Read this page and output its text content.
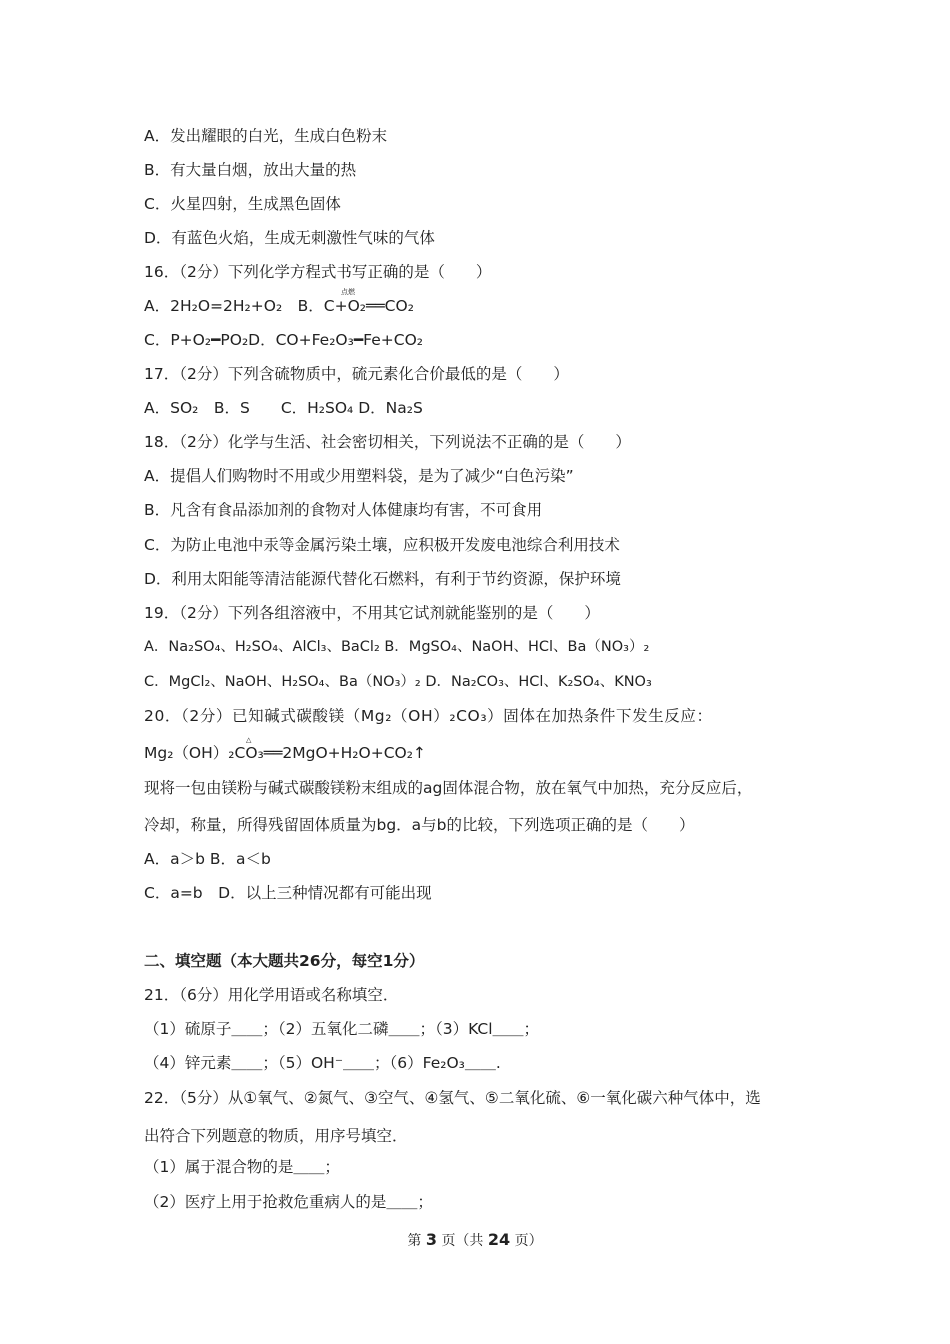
A．发出耀眼的白光，生成白色粉末
B．有大量白烟，放出大量的热
C．火星四射，生成黑色固体
D．有蓝色火焰，生成无刺激性气味的气体
16．（2分）下列化学方程式书写正确的是（　　）
A．2H₂O=2H₂+O₂　B．C+O₂══CO₂
点燃
C．P+O₂━PO₂D．CO+Fe₂O₃━Fe+CO₂
17．（2分）下列含硫物质中，硫元素化合价最低的是（　　）
A．SO₂　B．S　　C．H₂SO₄ D．Na₂S
18．（2分）化学与生活、社会密切相关，下列说法不正确的是（　　）
A．提倡人们购物时不用或少用塑料袋，是为了减少“白色污染”
B．凡含有食品添加剂的食物对人体健康均有害，不可食用
C．为防止电池中汞等金属污染土壤，应积极开发废电池综合利用技术
D．利用太阳能等清洁能源代替化石燃料，有利于节约资源，保护环境
19．（2分）下列各组溶液中，不用其它试剂就能鉴别的是（　　）
A．Na₂SO₄、H₂SO₄、AlCl₃、BaCl₂ B．MgSO₄、NaOH、HCl、Ba（NO₃）₂
C．MgCl₂、NaOH、H₂SO₄、Ba（NO₃）₂ D．Na₂CO₃、HCl、K₂SO₄、KNO₃
20．（2分）已知碱式碳酸镁（Mg₂（OH）₂CO₃）固体在加热条件下发生反应：
Mg₂（OH）₂CO₃══2MgO+H₂O+CO₂↑
△
现将一包由镁粉与碱式碳酸镁粉末组成的ag固体混合物，放在氧气中加热，充分反应后，
冷却，称量，所得残留固体质量为bg．a与b的比较，下列选项正确的是（　　）
A．a＞b B．a＜b
C．a=b　D．以上三种情况都有可能出现
二、填空题（本大题共26分，每空1分）
21．（6分）用化学用语或名称填空．
（1）硫原子＿＿；（2）五氧化二磷＿＿；（3）KCl＿＿；
（4）锌元素＿＿；（5）OH⁻＿＿；（6）Fe₂O₃＿＿.
22．（5分）从①氧气、②氮气、③空气、④氢气、⑤二氧化硫、⑥一氧化碳六种气体中，选
出符合下列题意的物质，用序号填空．
（1）属于混合物的是＿＿；
（2）医疗上用于抢救危重病人的是＿＿；
第 3 页（共 24 页）
